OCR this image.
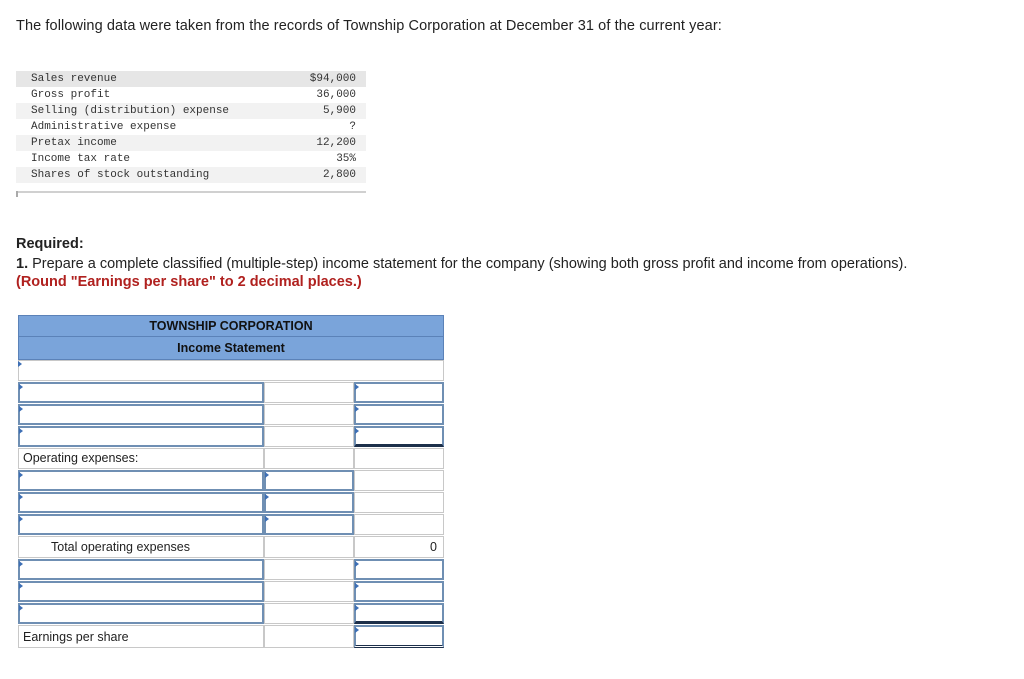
The following data were taken from the records of Township Corporation at December 31 of the current year:
Sales revenue	$94,000
Gross profit	36,000
Selling (distribution) expense	5,900
Administrative expense	?
Pretax income	12,200
Income tax rate	35%
Shares of stock outstanding	2,800
Required:
1. Prepare a complete classified (multiple-step) income statement for the company (showing both gross profit and income from operations). (Round "Earnings per share" to 2 decimal places.)
TOWNSHIP CORPORATION
Income Statement
Operating expenses:
Total operating expenses	0
Earnings per share
